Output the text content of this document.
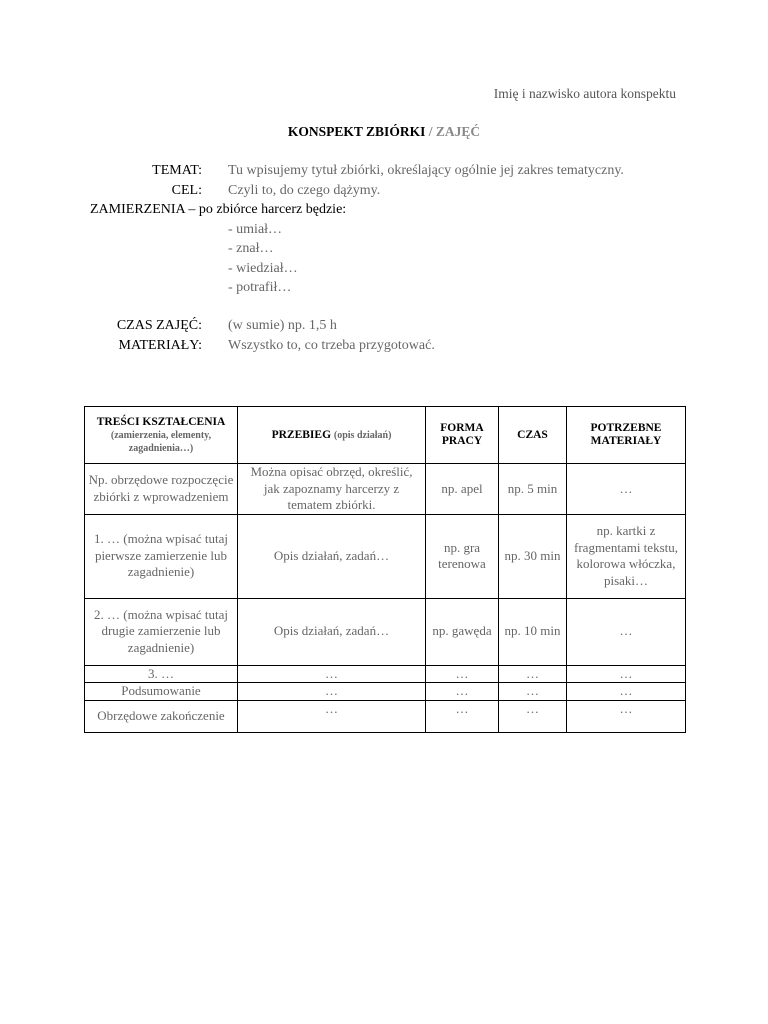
Imię i nazwisko autora konspektu
KONSPEKT ZBIÓRKI / ZAJĘĆ
TEMAT: Tu wpisujemy tytuł zbiórki, określający ogólnie jej zakres tematyczny.
CEL: Czyli to, do czego dążymy.
ZAMIERZENIA – po zbiórce harcerz będzie:
- umiał…
- znał…
- wiedział…
- potrafił…
CZAS ZAJĘĆ: (w sumie) np. 1,5 h
MATERIAŁY: Wszystko to, co trzeba przygotować.
TREŚCI KSZTAŁCENIA
(zamierzenia, elementy, zagadnienia…)	PRZEBIEG (opis działań)	FORMA PRACY	CZAS	POTRZEBNE MATERIAŁY
Np. obrzędowe rozpoczęcie zbiórki z wprowadzeniem	Można opisać obrzęd, określić, jak zapoznamy harcerzy z tematem zbiórki.	np. apel	np. 5 min	…
1. … (można wpisać tutaj pierwsze zamierzenie lub zagadnienie)	Opis działań, zadań…	np. gra terenowa	np. 30 min	np. kartki z fragmentami tekstu, kolorowa włóczka, pisaki…
2. … (można wpisać tutaj drugie zamierzenie lub zagadnienie)	Opis działań, zadań…	np. gawęda	np. 10 min	…
3. …	…	…	…	…
Podsumowanie	…	…	…	…
Obrzędowe zakończenie	…	…	…	…
